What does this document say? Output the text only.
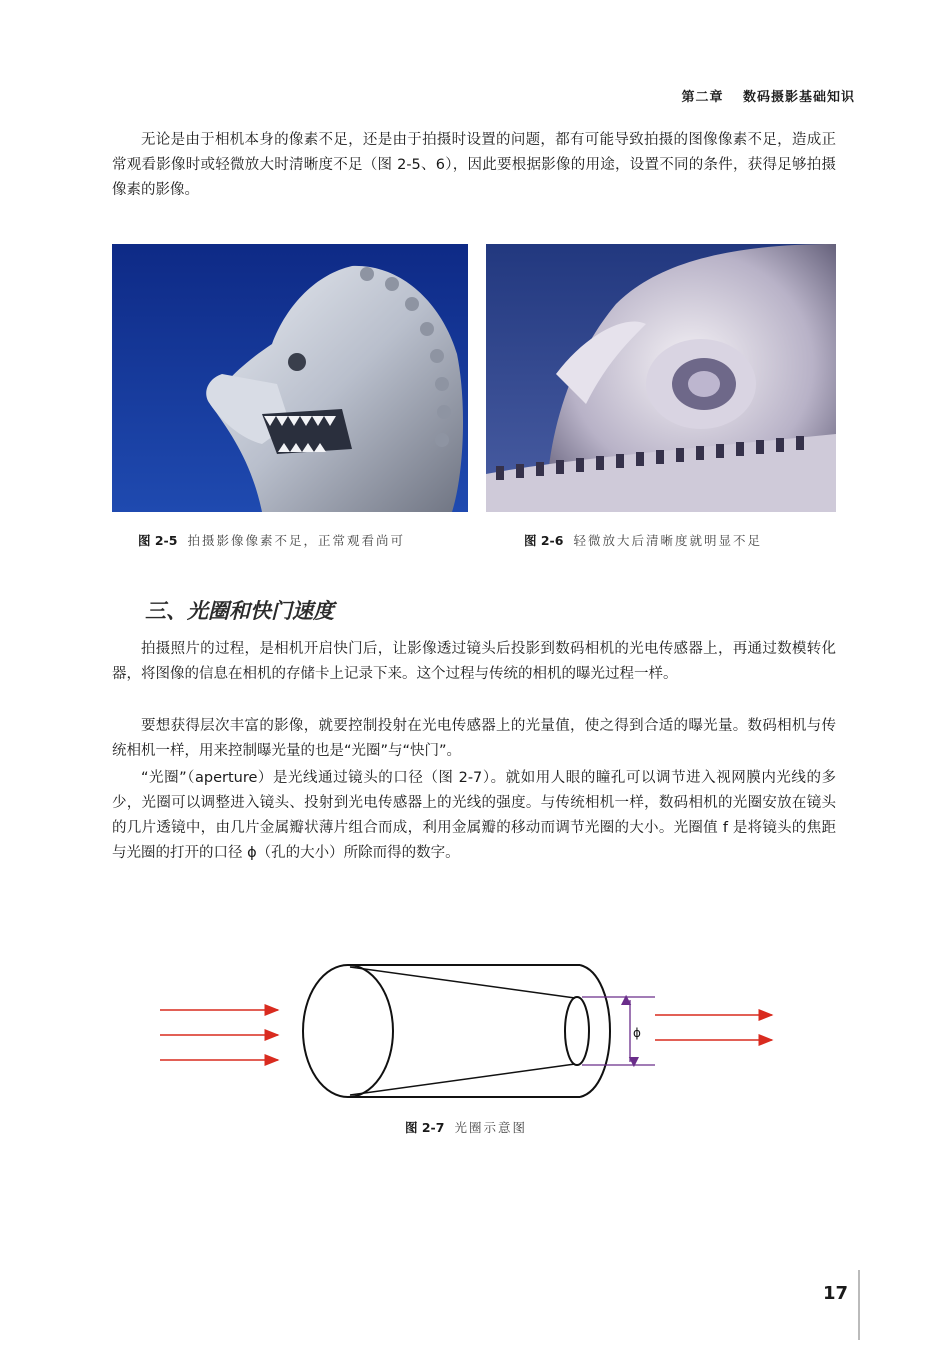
第二章 数码摄影基础知识

无论是由于相机本身的像素不足，还是由于拍摄时设置的问题，都有可能导致拍摄的图像像素不足，造成正常观看影像时或轻微放大时清晰度不足（图 2-5、6），因此要根据影像的用途，设置不同的条件，获得足够拍摄像素的影像。

图 2-5 拍摄影像像素不足，正常观看尚可	图 2-6 轻微放大后清晰度就明显不足
三、光圈和快门速度

拍摄照片的过程，是相机开启快门后，让影像透过镜头后投影到数码相机的光电传感器上，再通过数模转化器，将图像的信息在相机的存储卡上记录下来。这个过程与传统的相机的曝光过程一样。

要想获得层次丰富的影像，就要控制投射在光电传感器上的光量值，使之得到合适的曝光量。数码相机与传统相机一样，用来控制曝光量的也是“光圈”与“快门”。

“光圈”（aperture）是光线通过镜头的口径（图 2-7）。就如用人眼的瞳孔可以调节进入视网膜内光线的多少，光圈可以调整进入镜头、投射到光电传感器上的光线的强度。与传统相机一样，数码相机的光圈安放在镜头的几片透镜中，由几片金属瓣状薄片组合而成，利用金属瓣的移动而调节光圈的大小。光圈值 f 是将镜头的焦距与光圈的打开的口径 ϕ（孔的大小）所除而得的数字。

ϕ
图 2-7 光圈示意图
17
